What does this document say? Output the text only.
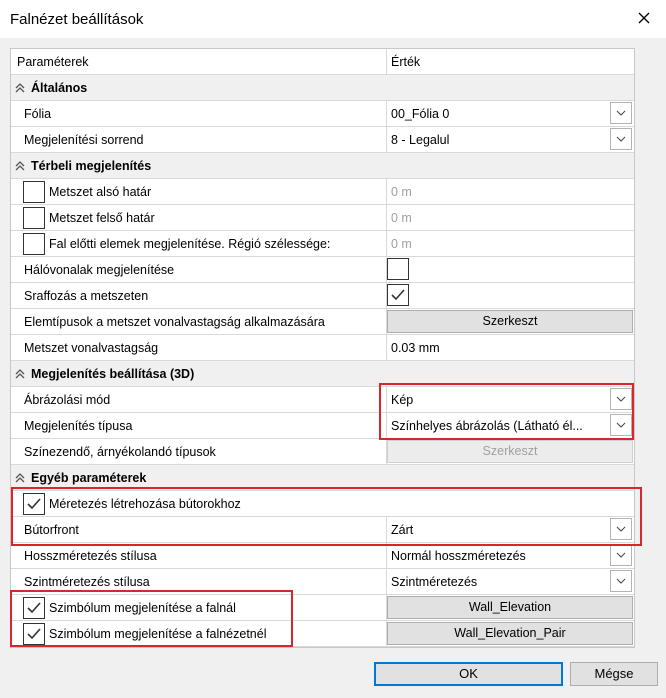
Falnézet beállítások
Paraméterek	Érték
Általános
Fólia	00_Fólia 0
Megjelenítési sorrend	8 - Legalul
Térbeli megjelenítés
Metszet alsó határ	0 m
Metszet felső határ	0 m
Fal előtti elemek megjelenítése. Régió szélessége:	0 m
Hálóvonalak megjelenítése
Sraffozás a metszeten
Elemtípusok a metszet vonalvastagság alkalmazására	Szerkeszt
Metszet vonalvastagság	0.03 mm
Megjelenítés beállítása (3D)
Ábrázolási mód	Kép
Megjelenítés típusa	Színhelyes ábrázolás (Látható él...
Színezendő, árnyékolandó típusok	Szerkeszt
Egyéb paraméterek
Méretezés létrehozása bútorokhoz
Bútorfront	Zárt
Hosszméretezés stílusa	Normál hosszméretezés
Szintméretezés stílusa	Szintméretezés
Szimbólum megjelenítése a falnál	Wall_Elevation
Szimbólum megjelenítése a falnézetnél	Wall_Elevation_Pair
OK	Mégse
